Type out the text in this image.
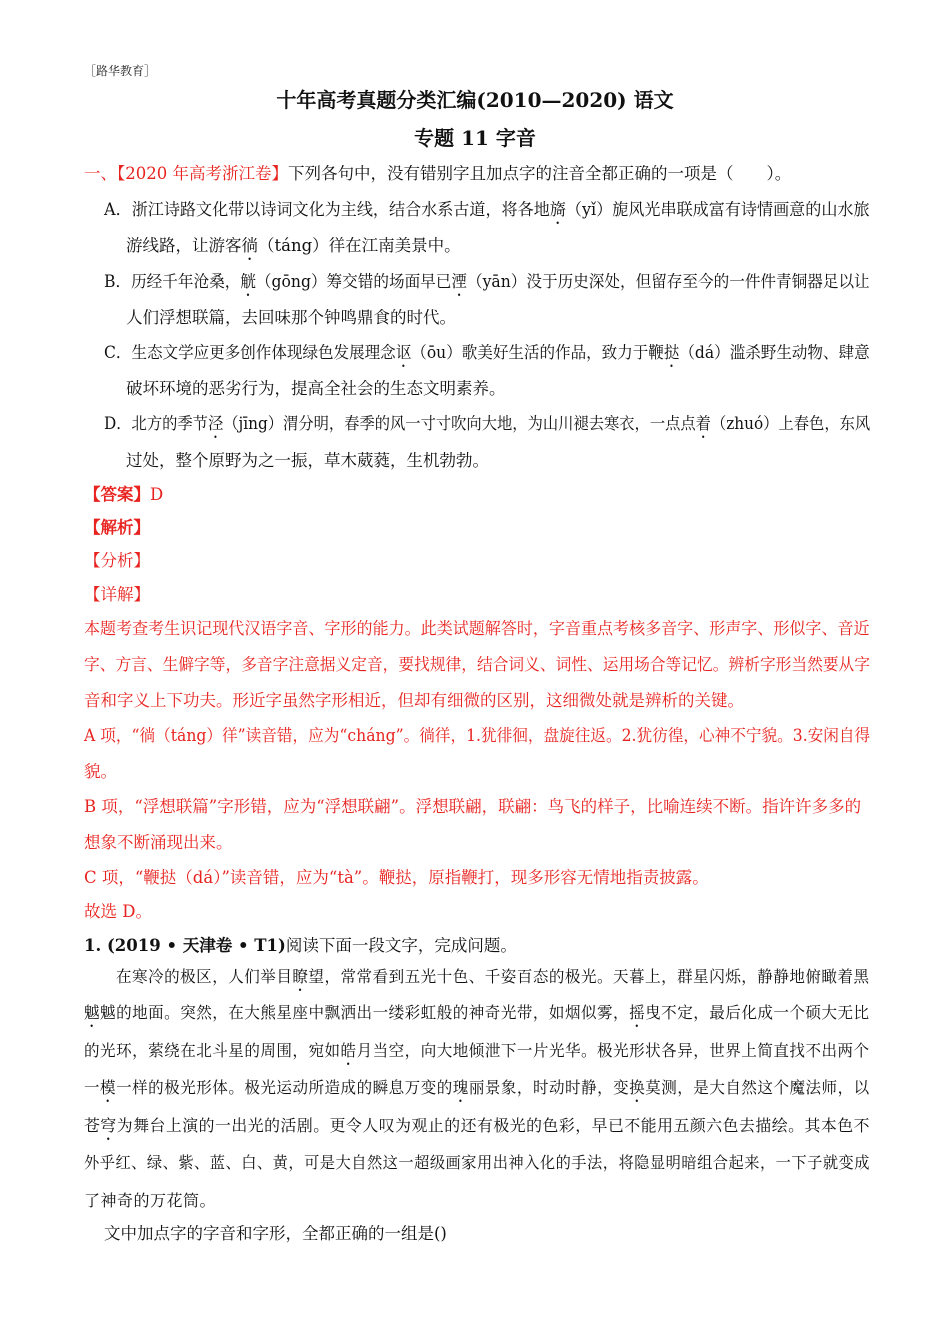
［路华教育］
十年高考真题分类汇编(2010—2020) 语文
专题 11 字音
一、【2020 年高考浙江卷】下列各句中，没有错别字且加点字的注音全都正确的一项是（　　）。
A．浙江诗路文化带以诗词文化为主线，结合水系古道，将各地旖（yǐ）旎风光串联成富有诗情画意的山水旅
游线路，让游客徜（táng）徉在江南美景中。
B．历经千年沧桑，觥（gōng）筹交错的场面早已湮（yān）没于历史深处，但留存至今的一件件青铜器足以让
人们浮想联篇，去回味那个钟鸣鼎食的时代。
C．生态文学应更多创作体现绿色发展理念讴（ōu）歌美好生活的作品，致力于鞭挞（dá）滥杀野生动物、肆意
破坏环境的恶劣行为，提高全社会的生态文明素养。
D．北方的季节泾（jīng）渭分明，春季的风一寸寸吹向大地，为山川褪去寒衣，一点点着（zhuó）上春色，东风
过处，整个原野为之一振，草木葳蕤，生机勃勃。
【答案】D
【解析】
【分析】
【详解】
本题考查考生识记现代汉语字音、字形的能力。此类试题解答时，字音重点考核多音字、形声字、形似字、音近
字、方言、生僻字等，多音字注意据义定音，要找规律，结合词义、词性、运用场合等记忆。辨析字形当然要从字
音和字义上下功夫。形近字虽然字形相近，但却有细微的区别，这细微处就是辨析的关键。
A 项，“徜（táng）徉”读音错，应为“cháng”。徜徉，1.犹徘徊，盘旋往返。2.犹彷徨，心神不宁貌。3.安闲自得
貌。
B 项，“浮想联篇”字形错，应为“浮想联翩”。浮想联翩，联翩：鸟飞的样子，比喻连续不断。指许许多多的
想象不断涌现出来。
C 项，“鞭挞（dá）”读音错，应为“tà”。鞭挞，原指鞭打，现多形容无情地指责披露。
故选 D。
1. (2019 • 天津卷 • T1)阅读下面一段文字，完成问题。
在寒冷的极区，人们举目瞭望，常常看到五光十色、千姿百态的极光。天暮上，群星闪烁，静静地俯瞰着黑
魆魆的地面。突然，在大熊星座中飘洒出一缕彩虹般的神奇光带，如烟似雾，摇曳不定，最后化成一个硕大无比
的光环，萦绕在北斗星的周围，宛如皓月当空，向大地倾泄下一片光华。极光形状各异，世界上简直找不出两个
一模一样的极光形体。极光运动所造成的瞬息万变的瑰丽景象，时动时静，变换莫测，是大自然这个魔法师，以
苍穹为舞台上演的一出光的活剧。更令人叹为观止的还有极光的色彩，早已不能用五颜六色去描绘。其本色不
外乎红、绿、紫、蓝、白、黄，可是大自然这一超级画家用出神入化的手法，将隐显明暗组合起来，一下子就变成
了神奇的万花筒。
文中加点字的字音和字形，全都正确的一组是()
